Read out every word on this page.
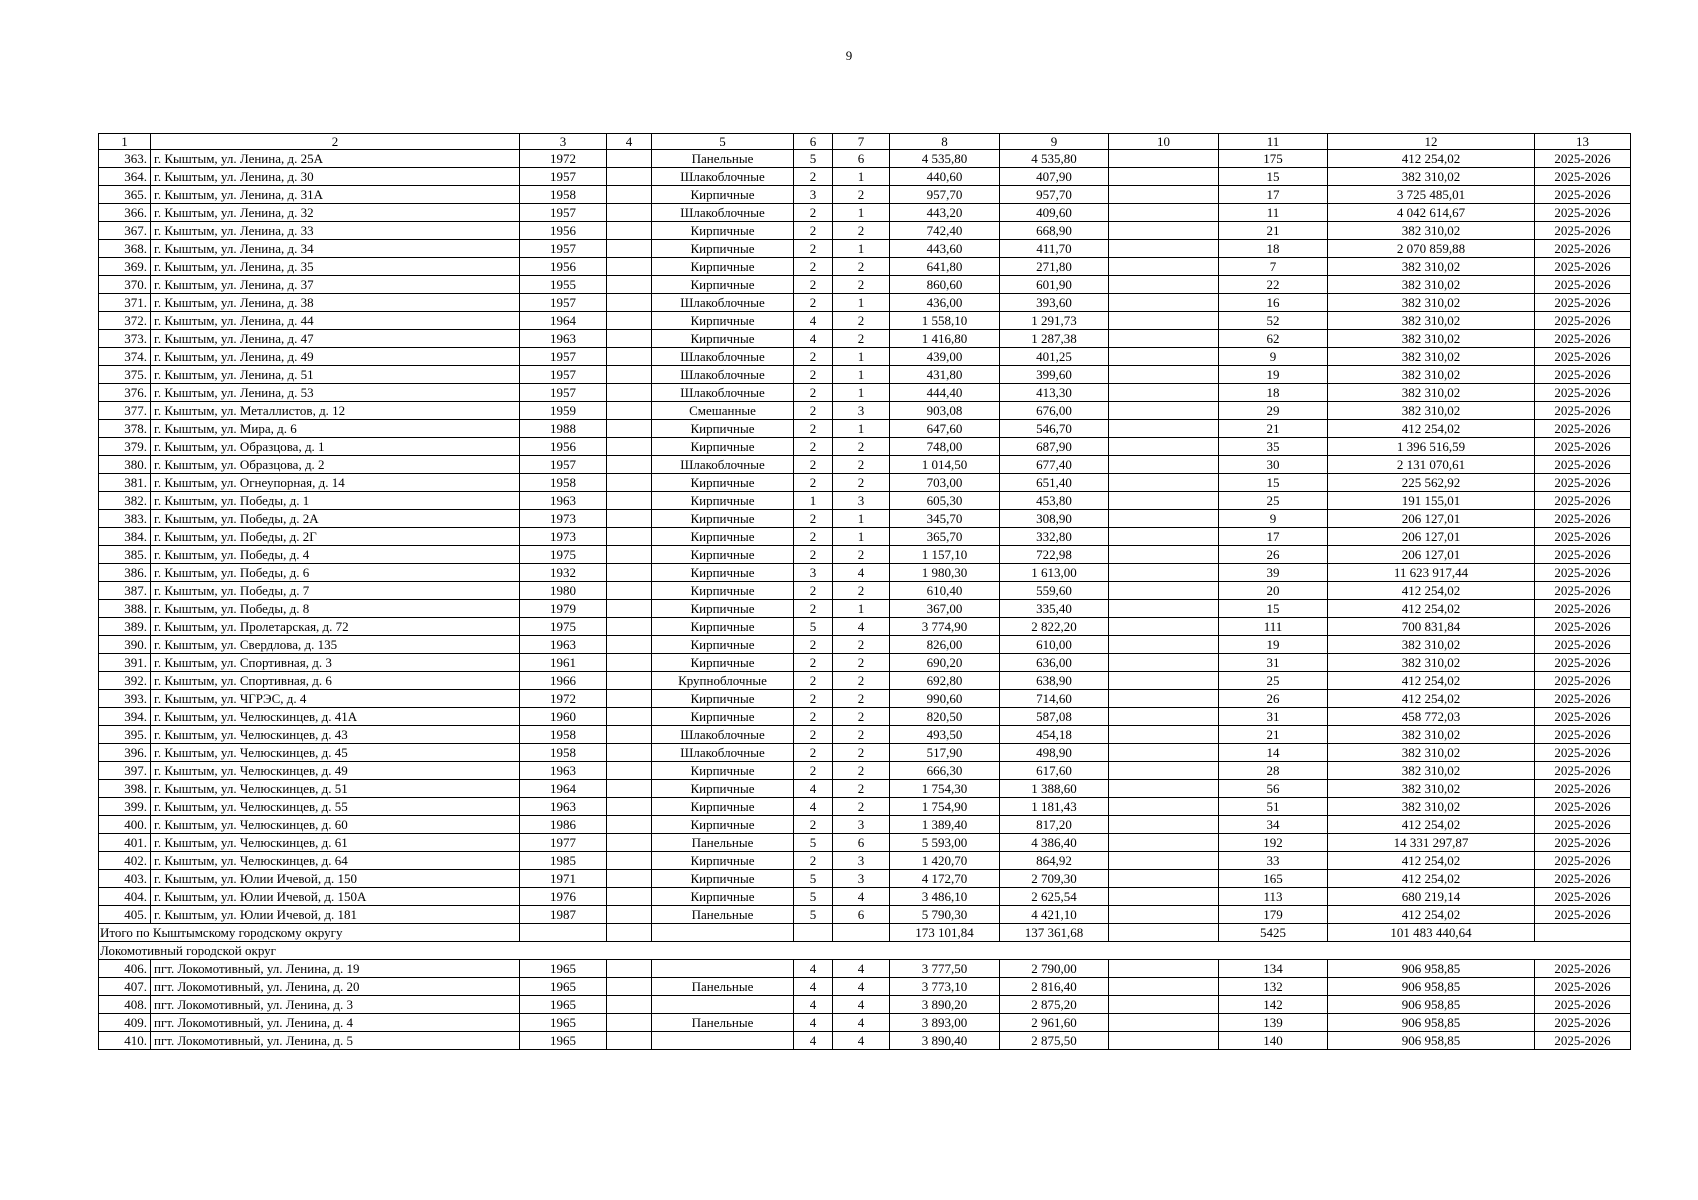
9
1	2	3	4	5	6	7	8	9	10	11	12	13
363.	г. Кыштым, ул. Ленина, д. 25А	1972		Панельные	5	6	4 535,80	4 535,80		175	412 254,02	2025-2026
364.	г. Кыштым, ул. Ленина, д. 30	1957		Шлакоблочные	2	1	440,60	407,90		15	382 310,02	2025-2026
365.	г. Кыштым, ул. Ленина, д. 31А	1958		Кирпичные	3	2	957,70	957,70		17	3 725 485,01	2025-2026
366.	г. Кыштым, ул. Ленина, д. 32	1957		Шлакоблочные	2	1	443,20	409,60		11	4 042 614,67	2025-2026
367.	г. Кыштым, ул. Ленина, д. 33	1956		Кирпичные	2	2	742,40	668,90		21	382 310,02	2025-2026
368.	г. Кыштым, ул. Ленина, д. 34	1957		Кирпичные	2	1	443,60	411,70		18	2 070 859,88	2025-2026
369.	г. Кыштым, ул. Ленина, д. 35	1956		Кирпичные	2	2	641,80	271,80		7	382 310,02	2025-2026
370.	г. Кыштым, ул. Ленина, д. 37	1955		Кирпичные	2	2	860,60	601,90		22	382 310,02	2025-2026
371.	г. Кыштым, ул. Ленина, д. 38	1957		Шлакоблочные	2	1	436,00	393,60		16	382 310,02	2025-2026
372.	г. Кыштым, ул. Ленина, д. 44	1964		Кирпичные	4	2	1 558,10	1 291,73		52	382 310,02	2025-2026
373.	г. Кыштым, ул. Ленина, д. 47	1963		Кирпичные	4	2	1 416,80	1 287,38		62	382 310,02	2025-2026
374.	г. Кыштым, ул. Ленина, д. 49	1957		Шлакоблочные	2	1	439,00	401,25		9	382 310,02	2025-2026
375.	г. Кыштым, ул. Ленина, д. 51	1957		Шлакоблочные	2	1	431,80	399,60		19	382 310,02	2025-2026
376.	г. Кыштым, ул. Ленина, д. 53	1957		Шлакоблочные	2	1	444,40	413,30		18	382 310,02	2025-2026
377.	г. Кыштым, ул. Металлистов, д. 12	1959		Смешанные	2	3	903,08	676,00		29	382 310,02	2025-2026
378.	г. Кыштым, ул. Мира, д. 6	1988		Кирпичные	2	1	647,60	546,70		21	412 254,02	2025-2026
379.	г. Кыштым, ул. Образцова, д. 1	1956		Кирпичные	2	2	748,00	687,90		35	1 396 516,59	2025-2026
380.	г. Кыштым, ул. Образцова, д. 2	1957		Шлакоблочные	2	2	1 014,50	677,40		30	2 131 070,61	2025-2026
381.	г. Кыштым, ул. Огнеупорная, д. 14	1958		Кирпичные	2	2	703,00	651,40		15	225 562,92	2025-2026
382.	г. Кыштым, ул. Победы, д. 1	1963		Кирпичные	1	3	605,30	453,80		25	191 155,01	2025-2026
383.	г. Кыштым, ул. Победы, д. 2А	1973		Кирпичные	2	1	345,70	308,90		9	206 127,01	2025-2026
384.	г. Кыштым, ул. Победы, д. 2Г	1973		Кирпичные	2	1	365,70	332,80		17	206 127,01	2025-2026
385.	г. Кыштым, ул. Победы, д. 4	1975		Кирпичные	2	2	1 157,10	722,98		26	206 127,01	2025-2026
386.	г. Кыштым, ул. Победы, д. 6	1932		Кирпичные	3	4	1 980,30	1 613,00		39	11 623 917,44	2025-2026
387.	г. Кыштым, ул. Победы, д. 7	1980		Кирпичные	2	2	610,40	559,60		20	412 254,02	2025-2026
388.	г. Кыштым, ул. Победы, д. 8	1979		Кирпичные	2	1	367,00	335,40		15	412 254,02	2025-2026
389.	г. Кыштым, ул. Пролетарская, д. 72	1975		Кирпичные	5	4	3 774,90	2 822,20		111	700 831,84	2025-2026
390.	г. Кыштым, ул. Свердлова, д. 135	1963		Кирпичные	2	2	826,00	610,00		19	382 310,02	2025-2026
391.	г. Кыштым, ул. Спортивная, д. 3	1961		Кирпичные	2	2	690,20	636,00		31	382 310,02	2025-2026
392.	г. Кыштым, ул. Спортивная, д. 6	1966		Крупноблочные	2	2	692,80	638,90		25	412 254,02	2025-2026
393.	г. Кыштым, ул. ЧГРЭС, д. 4	1972		Кирпичные	2	2	990,60	714,60		26	412 254,02	2025-2026
394.	г. Кыштым, ул. Челюскинцев, д. 41А	1960		Кирпичные	2	2	820,50	587,08		31	458 772,03	2025-2026
395.	г. Кыштым, ул. Челюскинцев, д. 43	1958		Шлакоблочные	2	2	493,50	454,18		21	382 310,02	2025-2026
396.	г. Кыштым, ул. Челюскинцев, д. 45	1958		Шлакоблочные	2	2	517,90	498,90		14	382 310,02	2025-2026
397.	г. Кыштым, ул. Челюскинцев, д. 49	1963		Кирпичные	2	2	666,30	617,60		28	382 310,02	2025-2026
398.	г. Кыштым, ул. Челюскинцев, д. 51	1964		Кирпичные	4	2	1 754,30	1 388,60		56	382 310,02	2025-2026
399.	г. Кыштым, ул. Челюскинцев, д. 55	1963		Кирпичные	4	2	1 754,90	1 181,43		51	382 310,02	2025-2026
400.	г. Кыштым, ул. Челюскинцев, д. 60	1986		Кирпичные	2	3	1 389,40	817,20		34	412 254,02	2025-2026
401.	г. Кыштым, ул. Челюскинцев, д. 61	1977		Панельные	5	6	5 593,00	4 386,40		192	14 331 297,87	2025-2026
402.	г. Кыштым, ул. Челюскинцев, д. 64	1985		Кирпичные	2	3	1 420,70	864,92		33	412 254,02	2025-2026
403.	г. Кыштым, ул. Юлии Ичевой, д. 150	1971		Кирпичные	5	3	4 172,70	2 709,30		165	412 254,02	2025-2026
404.	г. Кыштым, ул. Юлии Ичевой, д. 150А	1976		Кирпичные	5	4	3 486,10	2 625,54		113	680 219,14	2025-2026
405.	г. Кыштым, ул. Юлии Ичевой, д. 181	1987		Панельные	5	6	5 790,30	4 421,10		179	412 254,02	2025-2026
Итого по Кыштымскому городскому округу							173 101,84	137 361,68		5425	101 483 440,64	
Локомотивный городской округ												
406.	пгт. Локомотивный, ул. Ленина, д. 19	1965			4	4	3 777,50	2 790,00		134	906 958,85	2025-2026
407.	пгт. Локомотивный, ул. Ленина, д. 20	1965		Панельные	4	4	3 773,10	2 816,40		132	906 958,85	2025-2026
408.	пгт. Локомотивный, ул. Ленина, д. 3	1965			4	4	3 890,20	2 875,20		142	906 958,85	2025-2026
409.	пгт. Локомотивный, ул. Ленина, д. 4	1965		Панельные	4	4	3 893,00	2 961,60		139	906 958,85	2025-2026
410.	пгт. Локомотивный, ул. Ленина, д. 5	1965			4	4	3 890,40	2 875,50		140	906 958,85	2025-2026
